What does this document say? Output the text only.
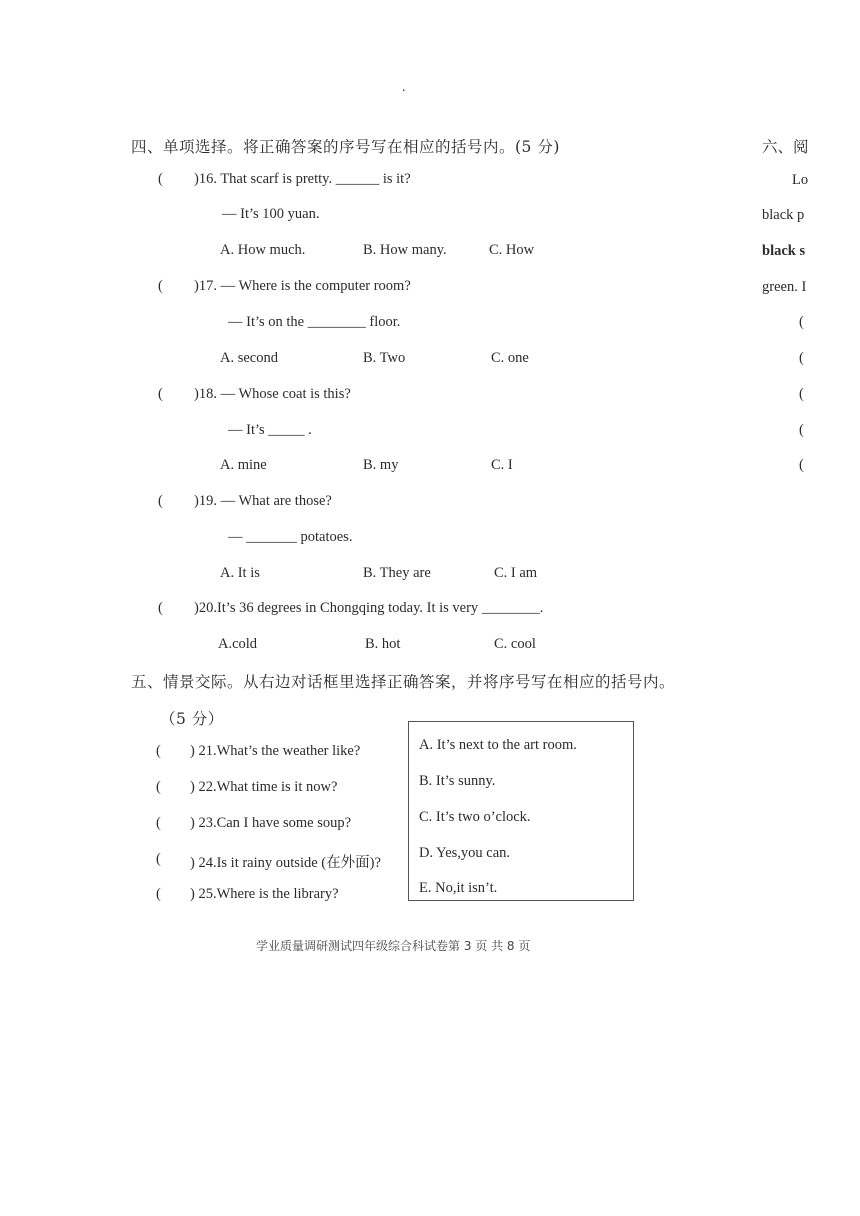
.
四、单项选择。将正确答案的序号写在相应的括号内。(5 分)
( )16. That scarf is pretty. ______ is it?
— It’s 100 yuan.
A. How much.	B. How many.	C. How
( )17. — Where is the computer room?
— It’s on the ________ floor.
A. second	B. Two	C. one
( )18. — Whose coat is this?
— It’s _____ .
A. mine	B. my	C. I
( )19. — What are those?
— _______ potatoes.
A. It is	B. They are	C. I am
( )20.It’s 36 degrees in Chongqing today. It is very ________.
A.cold	B. hot	C. cool
五、情景交际。从右边对话框里选择正确答案，并将序号写在相应的括号内。
（5 分）
( ) 21.What’s the weather like?
( ) 22.What time is it now?
( ) 23.Can I have some soup?
( ) 24.Is it rainy outside (在外面)?
( ) 25.Where is the library?
A. It’s next to the art room.
B. It’s sunny.
C. It’s two o’clock.
D. Yes,you can.
E. No,it isn’t.
六、阅
Lo
black p
black s
green. I
(
(
(
(
(
学业质量调研测试四年级综合科试卷第 3 页 共 8 页
